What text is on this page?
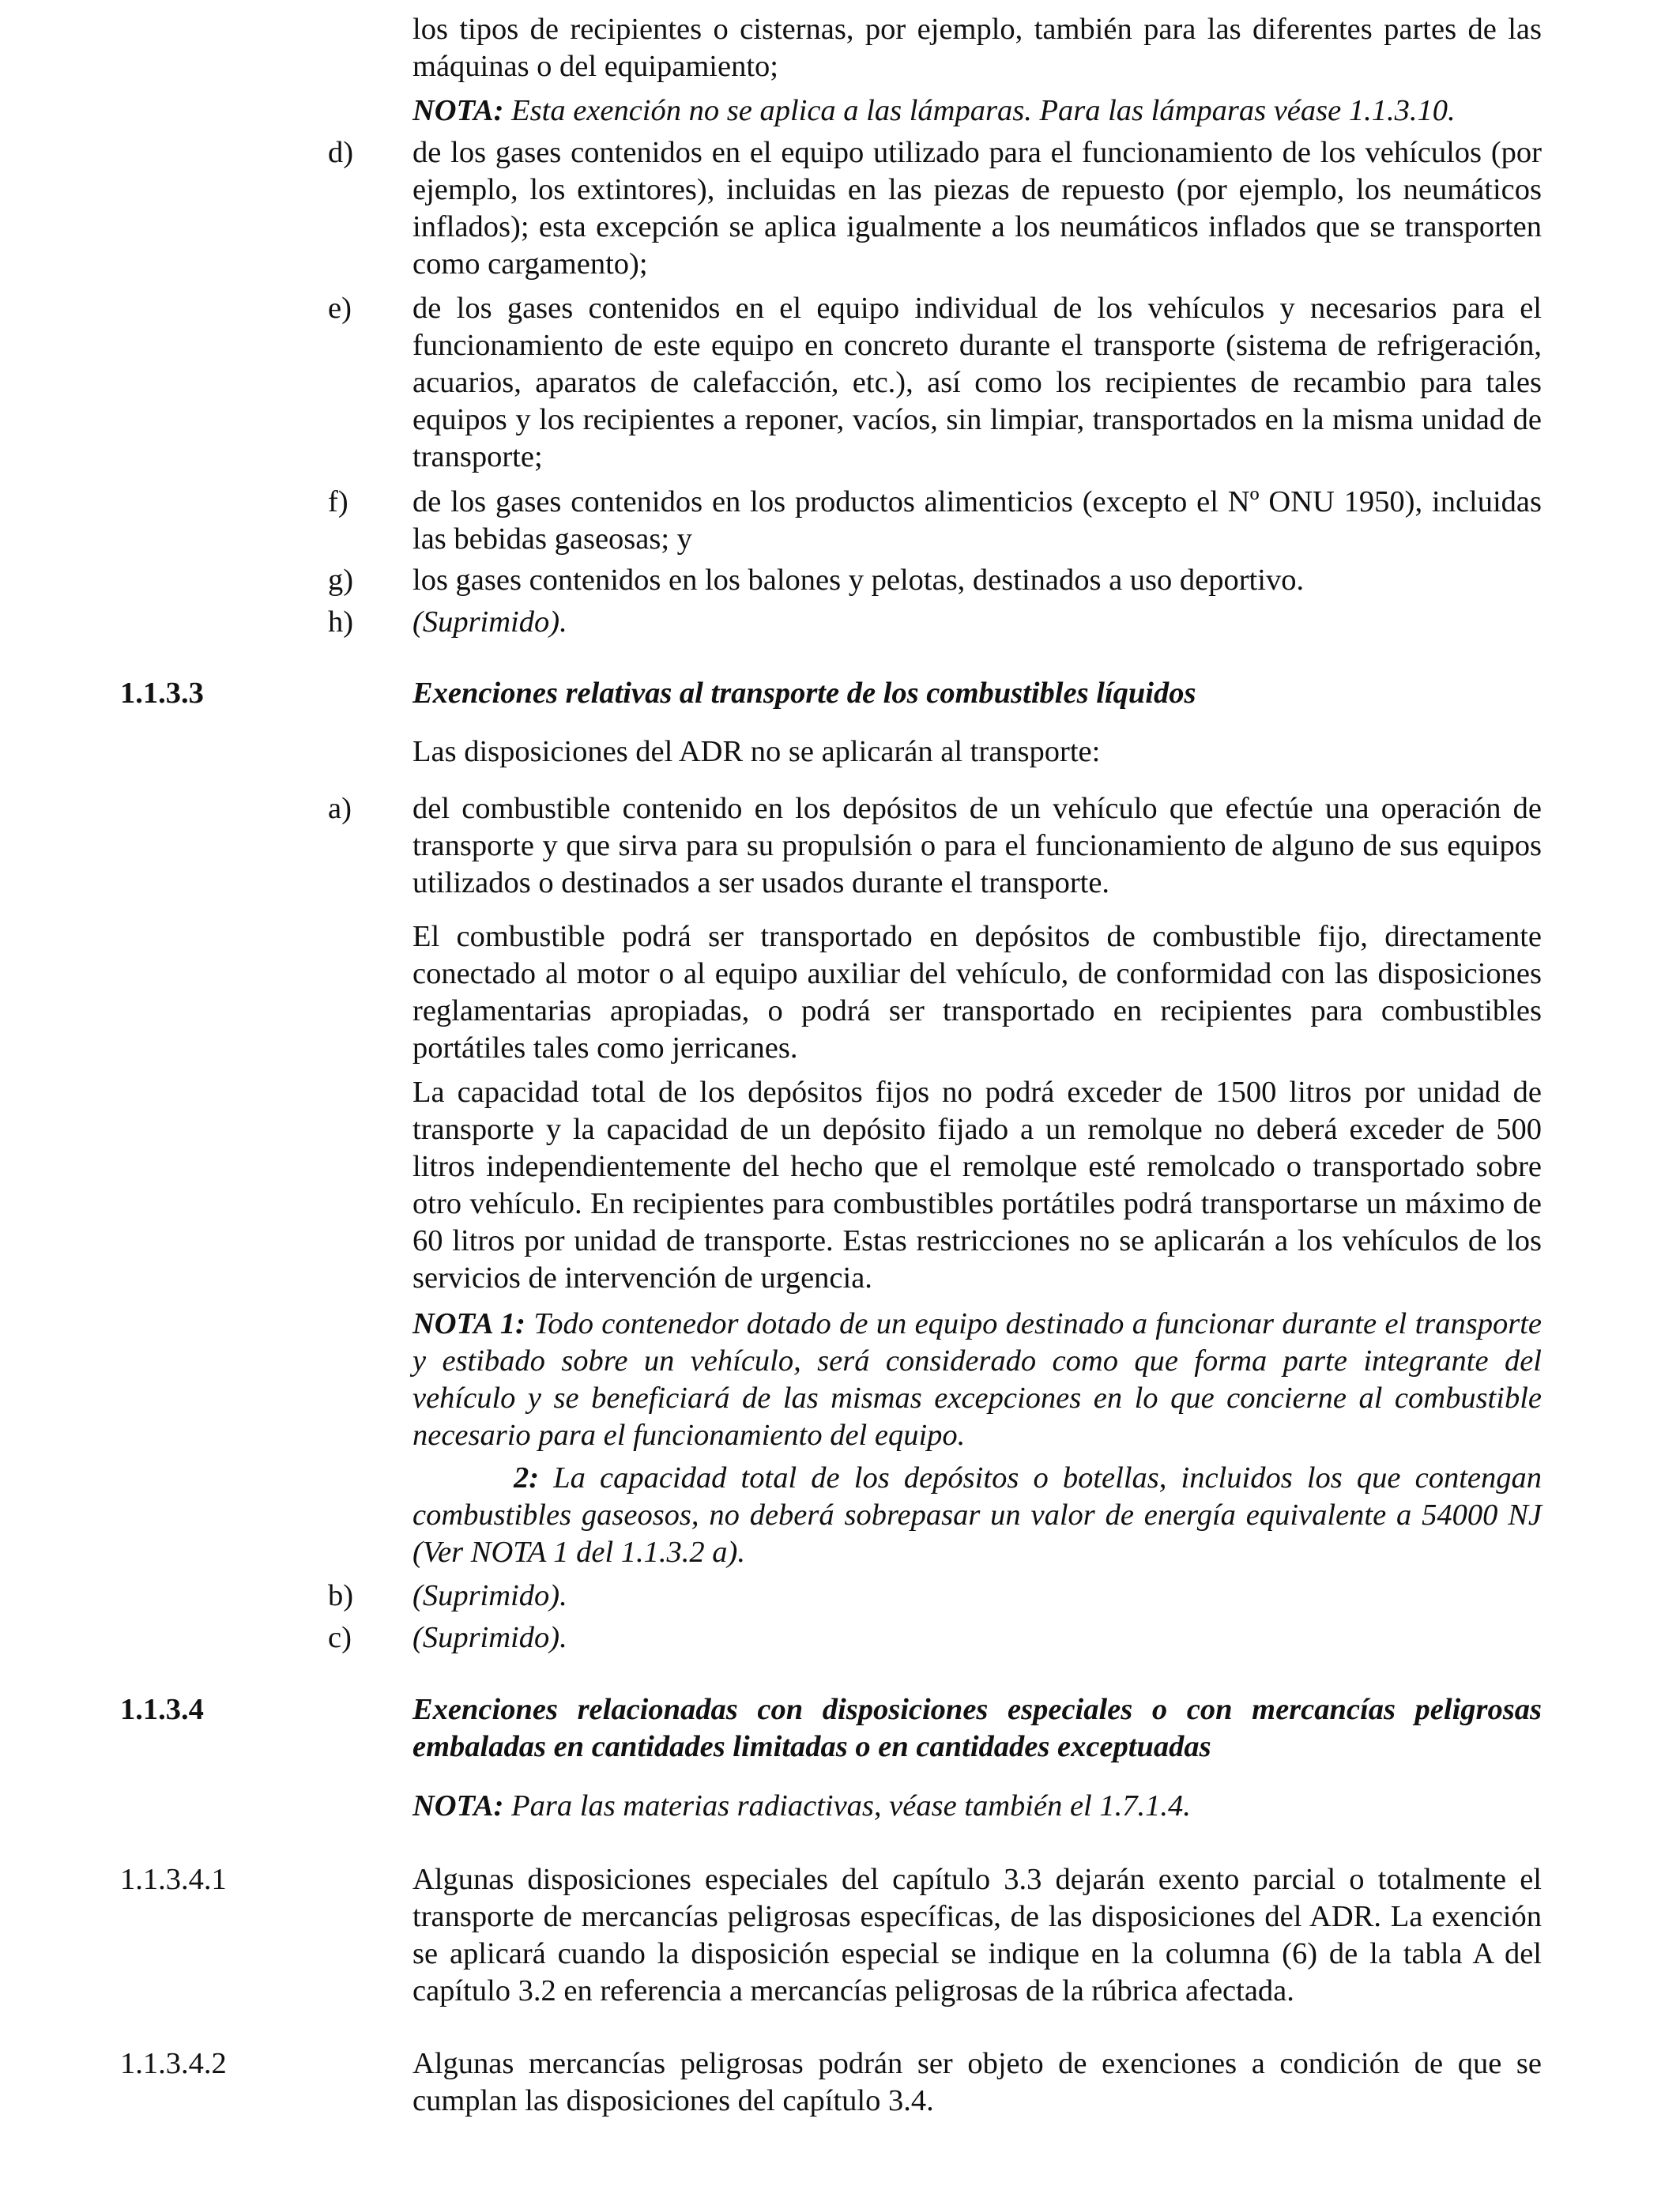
los tipos de recipientes o cisternas, por ejemplo, también para las diferentes partes de las máquinas o del equipamiento;

NOTA: Esta exención no se aplica a las lámparas. Para las lámparas véase 1.1.3.10.

d)	de los gases contenidos en el equipo utilizado para el funcionamiento de los vehículos (por ejemplo, los extintores), incluidas en las piezas de repuesto (por ejemplo, los neumáticos inflados); esta excepción se aplica igualmente a los neumáticos inflados que se transporten como cargamento);

e)	de los gases contenidos en el equipo individual de los vehículos y necesarios para el funcionamiento de este equipo en concreto durante el transporte (sistema de refrigeración, acuarios, aparatos de calefacción, etc.), así como los recipientes de recambio para tales equipos y los recipientes a reponer, vacíos, sin limpiar, transportados en la misma unidad de transporte;

f)	de los gases contenidos en los productos alimenticios (excepto el Nº ONU 1950), incluidas las bebidas gaseosas; y

g)	los gases contenidos en los balones y pelotas, destinados a uso deportivo.

h)	(Suprimido).

1.1.3.3	Exenciones relativas al transporte de los combustibles líquidos

Las disposiciones del ADR no se aplicarán al transporte:

a)	del combustible contenido en los depósitos de un vehículo que efectúe una operación de transporte y que sirva para su propulsión o para el funcionamiento de alguno de sus equipos utilizados o destinados a ser usados durante el transporte.

El combustible podrá ser transportado en depósitos de combustible fijo, directamente conectado al motor o al equipo auxiliar del vehículo, de conformidad con las disposiciones reglamentarias apropiadas, o podrá ser transportado en recipientes para combustibles portátiles tales como jerricanes.

La capacidad total de los depósitos fijos no podrá exceder de 1500 litros por unidad de transporte y la capacidad de un depósito fijado a un remolque no deberá exceder de 500 litros independientemente del hecho que el remolque esté remolcado o transportado sobre otro vehículo. En recipientes para combustibles portátiles podrá transportarse un máximo de 60 litros por unidad de transporte. Estas restricciones no se aplicarán a los vehículos de los servicios de intervención de urgencia.

NOTA 1: Todo contenedor dotado de un equipo destinado a funcionar durante el transporte y estibado sobre un vehículo, será considerado como que forma parte integrante del vehículo y se beneficiará de las mismas excepciones en lo que concierne al combustible necesario para el funcionamiento del equipo.

2: La capacidad total de los depósitos o botellas, incluidos los que contengan combustibles gaseosos, no deberá sobrepasar un valor de energía equivalente a 54000 NJ (Ver NOTA 1 del 1.1.3.2 a).

b)	(Suprimido).

c)	(Suprimido).

1.1.3.4	Exenciones relacionadas con disposiciones especiales o con mercancías peligrosas embaladas en cantidades limitadas o en cantidades exceptuadas

NOTA: Para las materias radiactivas, véase también el 1.7.1.4.

1.1.3.4.1	Algunas disposiciones especiales del capítulo 3.3 dejarán exento parcial o totalmente el transporte de mercancías peligrosas específicas, de las disposiciones del ADR. La exención se aplicará cuando la disposición especial se indique en la columna (6) de la tabla A del capítulo 3.2 en referencia a mercancías peligrosas de la rúbrica afectada.

1.1.3.4.2	Algunas mercancías peligrosas podrán ser objeto de exenciones a condición de que se cumplan las disposiciones del capítulo 3.4.
